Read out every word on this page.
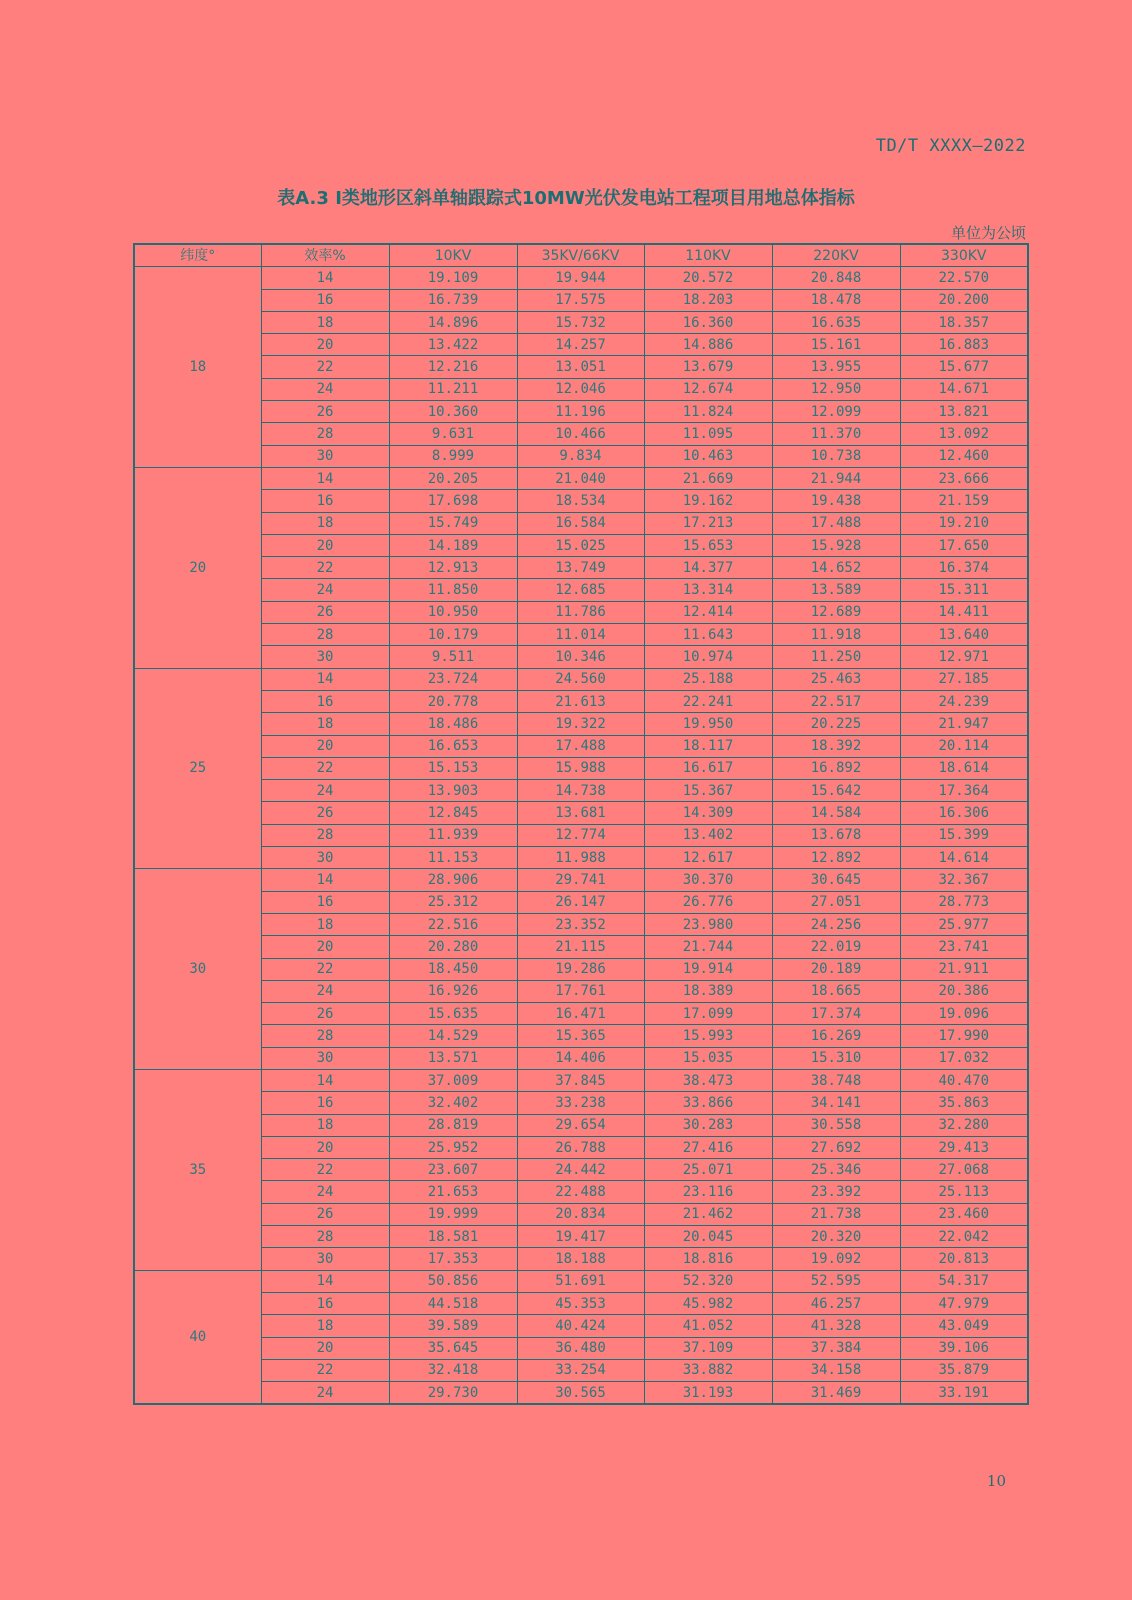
TD/T XXXX—2022
表A.3 Ⅰ类地形区斜单轴跟踪式10MW光伏发电站工程项目用地总体指标
单位为公顷
纬度°	效率%	10KV	35KV/66KV	110KV	220KV	330KV
18	14	19.109	19.944	20.572	20.848	22.570
	16	16.739	17.575	18.203	18.478	20.200
	18	14.896	15.732	16.360	16.635	18.357
	20	13.422	14.257	14.886	15.161	16.883
	22	12.216	13.051	13.679	13.955	15.677
	24	11.211	12.046	12.674	12.950	14.671
	26	10.360	11.196	11.824	12.099	13.821
	28	9.631	10.466	11.095	11.370	13.092
	30	8.999	9.834	10.463	10.738	12.460
20	14	20.205	21.040	21.669	21.944	23.666
	16	17.698	18.534	19.162	19.438	21.159
	18	15.749	16.584	17.213	17.488	19.210
	20	14.189	15.025	15.653	15.928	17.650
	22	12.913	13.749	14.377	14.652	16.374
	24	11.850	12.685	13.314	13.589	15.311
	26	10.950	11.786	12.414	12.689	14.411
	28	10.179	11.014	11.643	11.918	13.640
	30	9.511	10.346	10.974	11.250	12.971
25	14	23.724	24.560	25.188	25.463	27.185
	16	20.778	21.613	22.241	22.517	24.239
	18	18.486	19.322	19.950	20.225	21.947
	20	16.653	17.488	18.117	18.392	20.114
	22	15.153	15.988	16.617	16.892	18.614
	24	13.903	14.738	15.367	15.642	17.364
	26	12.845	13.681	14.309	14.584	16.306
	28	11.939	12.774	13.402	13.678	15.399
	30	11.153	11.988	12.617	12.892	14.614
30	14	28.906	29.741	30.370	30.645	32.367
	16	25.312	26.147	26.776	27.051	28.773
	18	22.516	23.352	23.980	24.256	25.977
	20	20.280	21.115	21.744	22.019	23.741
	22	18.450	19.286	19.914	20.189	21.911
	24	16.926	17.761	18.389	18.665	20.386
	26	15.635	16.471	17.099	17.374	19.096
	28	14.529	15.365	15.993	16.269	17.990
	30	13.571	14.406	15.035	15.310	17.032
35	14	37.009	37.845	38.473	38.748	40.470
	16	32.402	33.238	33.866	34.141	35.863
	18	28.819	29.654	30.283	30.558	32.280
	20	25.952	26.788	27.416	27.692	29.413
	22	23.607	24.442	25.071	25.346	27.068
	24	21.653	22.488	23.116	23.392	25.113
	26	19.999	20.834	21.462	21.738	23.460
	28	18.581	19.417	20.045	20.320	22.042
	30	17.353	18.188	18.816	19.092	20.813
40	14	50.856	51.691	52.320	52.595	54.317
	16	44.518	45.353	45.982	46.257	47.979
	18	39.589	40.424	41.052	41.328	43.049
	20	35.645	36.480	37.109	37.384	39.106
	22	32.418	33.254	33.882	34.158	35.879
	24	29.730	30.565	31.193	31.469	33.191
10
